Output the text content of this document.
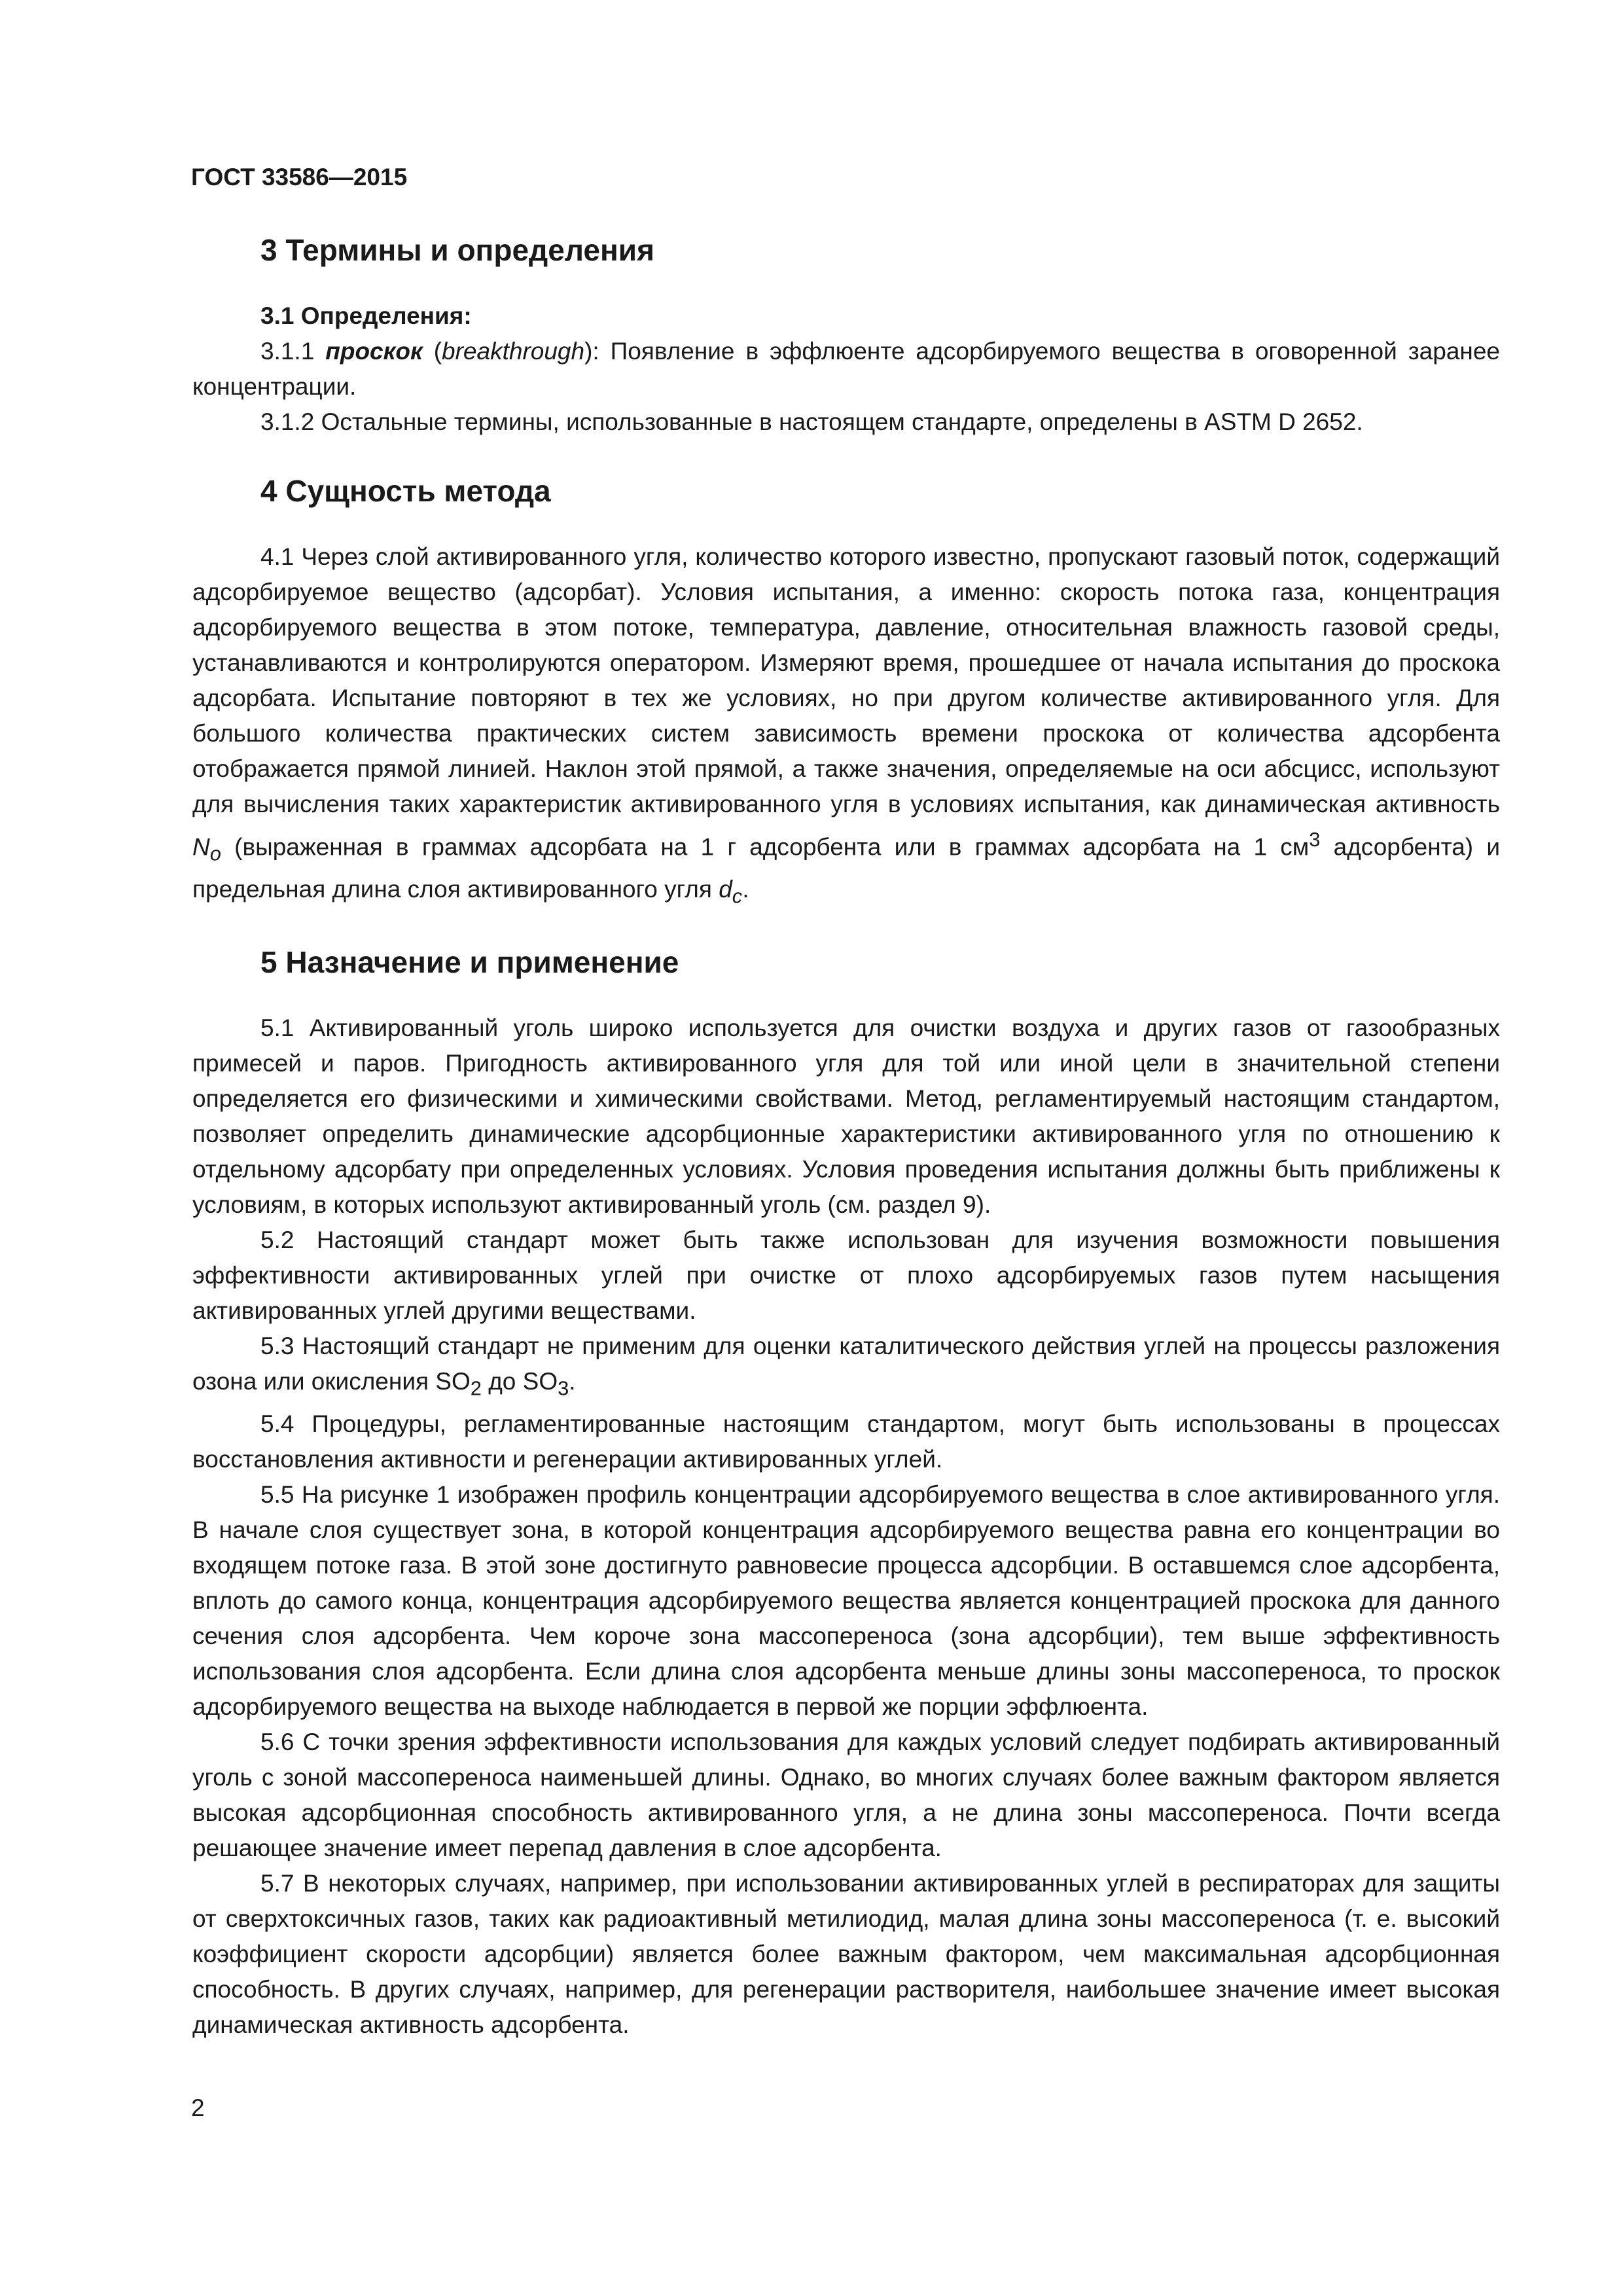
ГОСТ 33586—2015
3 Термины и определения
3.1 Определения:

3.1.1 проскок (breakthrough): Появление в эффлюенте адсорбируемого вещества в оговоренной заранее концентрации.

3.1.2 Остальные термины, использованные в настоящем стандарте, определены в ASTM D 2652.

4 Сущность метода

4.1 Через слой активированного угля, количество которого известно, пропускают газовый поток, содержащий адсорбируемое вещество (адсорбат). Условия испытания, а именно: скорость потока газа, концентрация адсорбируемого вещества в этом потоке, температура, давление, относительная влажность газовой среды, устанавливаются и контролируются оператором. Измеряют время, прошедшее от начала испытания до проскока адсорбата. Испытание повторяют в тех же условиях, но при другом количестве активированного угля. Для большого количества практических систем зависимость времени проскока от количества адсорбента отображается прямой линией. Наклон этой прямой, а также значения, определяемые на оси абсцисс, используют для вычисления таких характеристик активированного угля в условиях испытания, как динамическая активность $N_o$ (выраженная в граммах адсорбата на 1 г адсорбента или в граммах адсорбата на 1 $см^3$ адсорбента) и предельная длина слоя активированного угля $d_c$.

5 Назначение и применение

5.1 Активированный уголь широко используется для очистки воздуха и других газов от газообразных примесей и паров. Пригодность активированного угля для той или иной цели в значительной степени определяется его физическими и химическими свойствами. Метод, регламентируемый настоящим стандартом, позволяет определить динамические адсорбционные характеристики активированного угля по отношению к отдельному адсорбату при определенных условиях. Условия проведения испытания должны быть приближены к условиям, в которых используют активированный уголь (см. раздел 9).

5.2 Настоящий стандарт может быть также использован для изучения возможности повышения эффективности активированных углей при очистке от плохо адсорбируемых газов путем насыщения активированных углей другими веществами.

5.3 Настоящий стандарт не применим для оценки каталитического действия углей на процессы разложения озона или окисления $SO_2$ до $SO_3$.

5.4 Процедуры, регламентированные настоящим стандартом, могут быть использованы в процессах восстановления активности и регенерации активированных углей.

5.5 На рисунке 1 изображен профиль концентрации адсорбируемого вещества в слое активированного угля. В начале слоя существует зона, в которой концентрация адсорбируемого вещества равна его концентрации во входящем потоке газа. В этой зоне достигнуто равновесие процесса адсорбции. В оставшемся слое адсорбента, вплоть до самого конца, концентрация адсорбируемого вещества является концентрацией проскока для данного сечения слоя адсорбента. Чем короче зона массопереноса (зона адсорбции), тем выше эффективность использования слоя адсорбента. Если длина слоя адсорбента меньше длины зоны массопереноса, то проскок адсорбируемого вещества на выходе наблюдается в первой же порции эффлюента.

5.6 С точки зрения эффективности использования для каждых условий следует подбирать активированный уголь с зоной массопереноса наименьшей длины. Однако, во многих случаях более важным фактором является высокая адсорбционная способность активированного угля, а не длина зоны массопереноса. Почти всегда решающее значение имеет перепад давления в слое адсорбента.

5.7 В некоторых случаях, например, при использовании активированных углей в респираторах для защиты от сверхтоксичных газов, таких как радиоактивный метилиодид, малая длина зоны массопереноса (т. е. высокий коэффициент скорости адсорбции) является более важным фактором, чем максимальная адсорбционная способность. В других случаях, например, для регенерации растворителя, наибольшее значение имеет высокая динамическая активность адсорбента.

2
